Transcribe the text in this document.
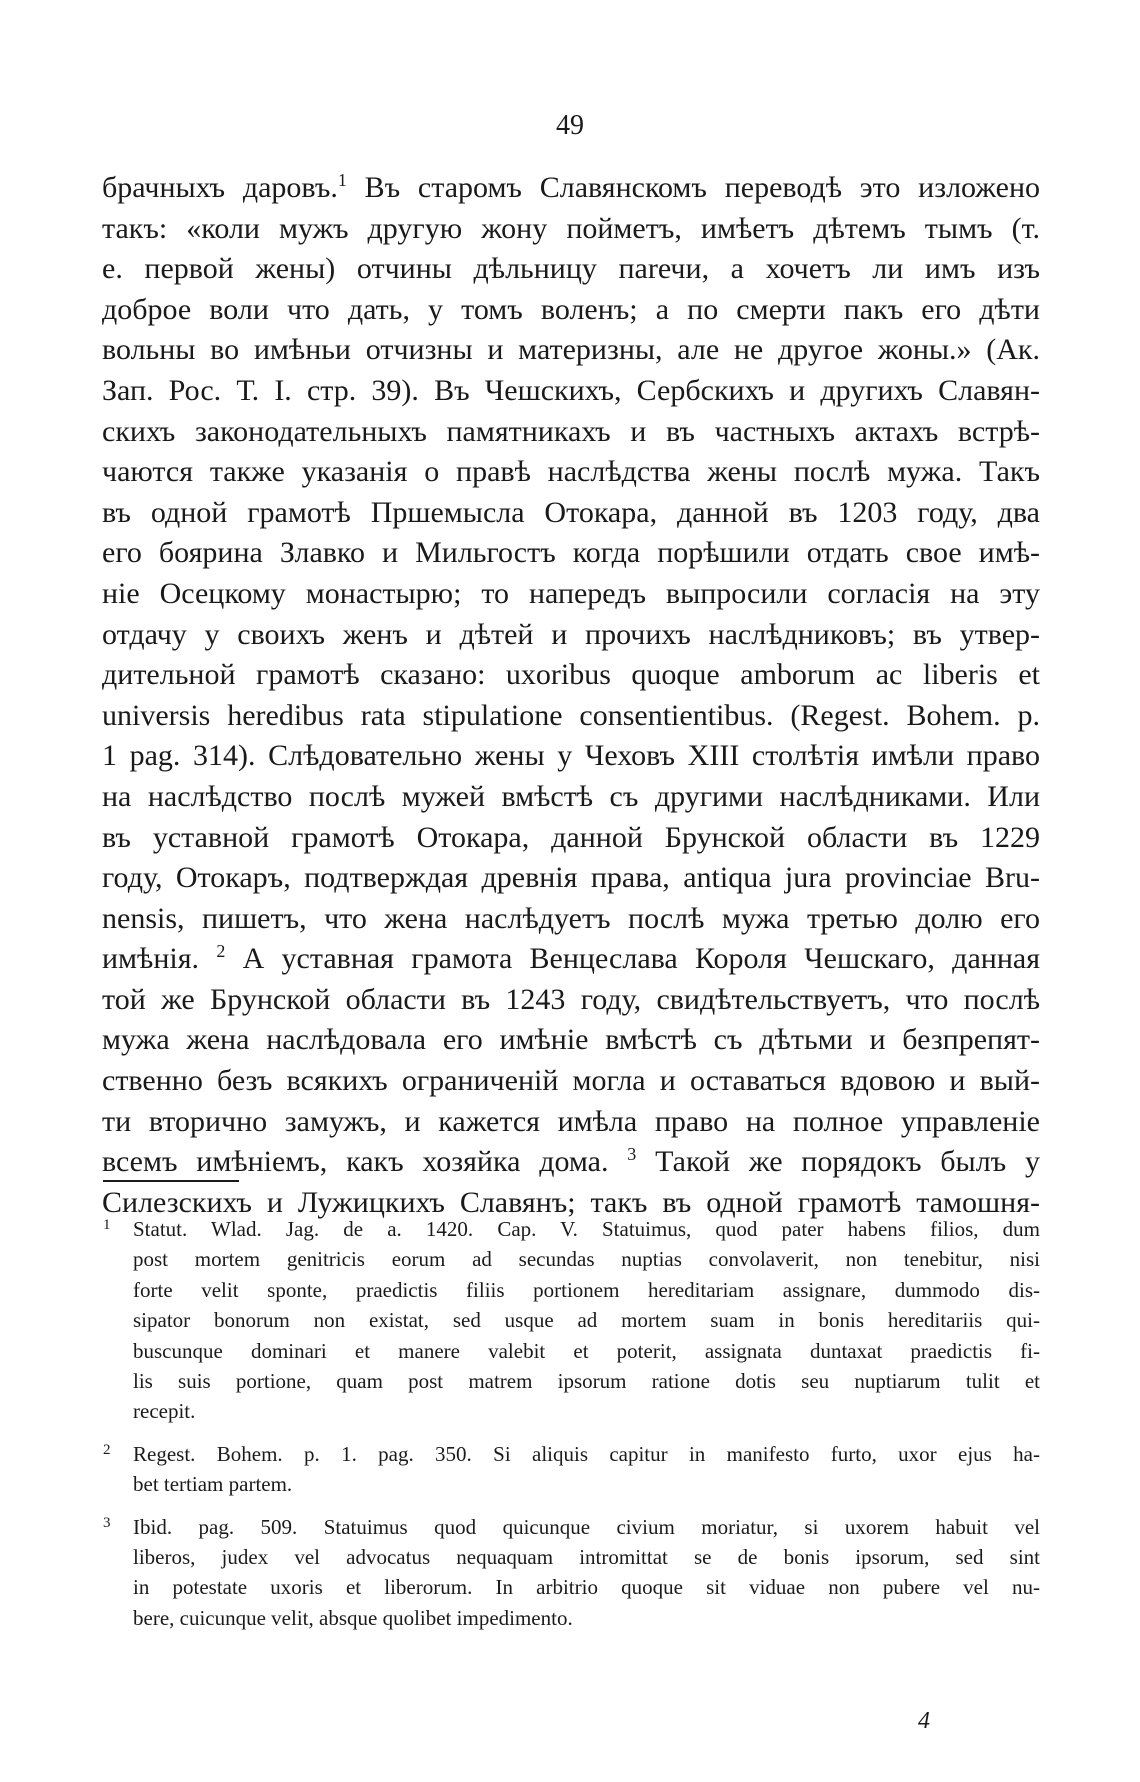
49
брачныхъ даровъ.$^1$ Въ старомъ Славянскомъ переводѣ это изложено
такъ: «коли мужъ другую жону пойметъ, имѣетъ дѣтемъ тымъ (т.
е. первой жены) отчины дѣльницу пarечи, а хочетъ ли имъ изъ
доброе воли что дать, у томъ воленъ; а по смерти пакъ его дѣти
вольны во имѣньи отчизны и материзны, але не другое жоны.» (Ак.
Зап. Рос. Т. I. стр. 39). Въ Чешскихъ, Сербскихъ и другихъ Славян-
скихъ законодательныхъ памятникахъ и въ частныхъ актахъ встрѣ-
чаются также указанія о правѣ наслѣдства жены послѣ мужа. Такъ
въ одной грамотѣ Пршемысла Отокара, данной въ 1203 году, два
его боярина Злавко и Мильгостъ когда порѣшили отдать свое имѣ-
ніе Осецкому монастырю; то напередъ выпросили согласія на эту
отдачу у своихъ женъ и дѣтей и прочихъ наслѣдниковъ; въ утвер-
дительной грамотѣ сказано: uxoribus quoque amborum ac liberis et
universis heredibus rata stipulatione consentientibus. (Regest. Bohem. p.
1 pag. 314). Слѣдовательно жены у Чеховъ XIII столѣтія имѣли право
на наслѣдство послѣ мужей вмѣстѣ съ другими наслѣдниками. Или
въ уставной грамотѣ Отокара, данной Брунской области въ 1229
году, Отокаръ, подтверждая древнія права, antiqua jura provinciae Bru-
nensis, пишетъ, что жена наслѣдуетъ послѣ мужа третью долю его
имѣнія. $^2$ А уставная грамота Венцеслава Короля Чешскаго, данная
той же Брунской области въ 1243 году, свидѣтельствуетъ, что послѣ
мужа жена наслѣдовала его имѣніе вмѣстѣ съ дѣтьми и безпрепят-
ственно безъ всякихъ ограниченій могла и оставаться вдовою и вый-
ти вторично замужъ, и кажется имѣла право на полное управленіе
всемъ имѣніемъ, какъ хозяйка дома. $^3$ Такой же порядокъ былъ у
Силезскихъ и Лужицкихъ Славянъ; такъ въ одной грамотѣ тамошня-
1 Statut. Wlad. Jag. de a. 1420. Cap. V. Statuimus, quod pater habens filios, dum
post mortem genitricis eorum ad secundas nuptias convolaverit, non tenebitur, nisi
forte velit sponte, praedictis filiis portionem hereditariam assignare, dummodo dis-
sipator bonorum non existat, sed usque ad mortem suam in bonis hereditariis qui-
buscunque dominari et manere valebit et poterit, assignata duntaxat praedictis fi-
lis suis portione, quam post matrem ipsorum ratione dotis seu nuptiarum tulit et
recepit.
2 Regest. Bohem. p. 1. pag. 350. Si aliquis capitur in manifesto furto, uxor ejus ha-
bet tertiam partem.
3 Ibid. pag. 509. Statuimus quod quicunque civium moriatur, si uxorem habuit vel
liberos, judex vel advocatus nequaquam intromittat se de bonis ipsorum, sed sint
in potestate uxoris et liberorum. In arbitrio quoque sit viduae non pubere vel nu-
bere, cuicunque velit, absque quolibet impedimento.
4
